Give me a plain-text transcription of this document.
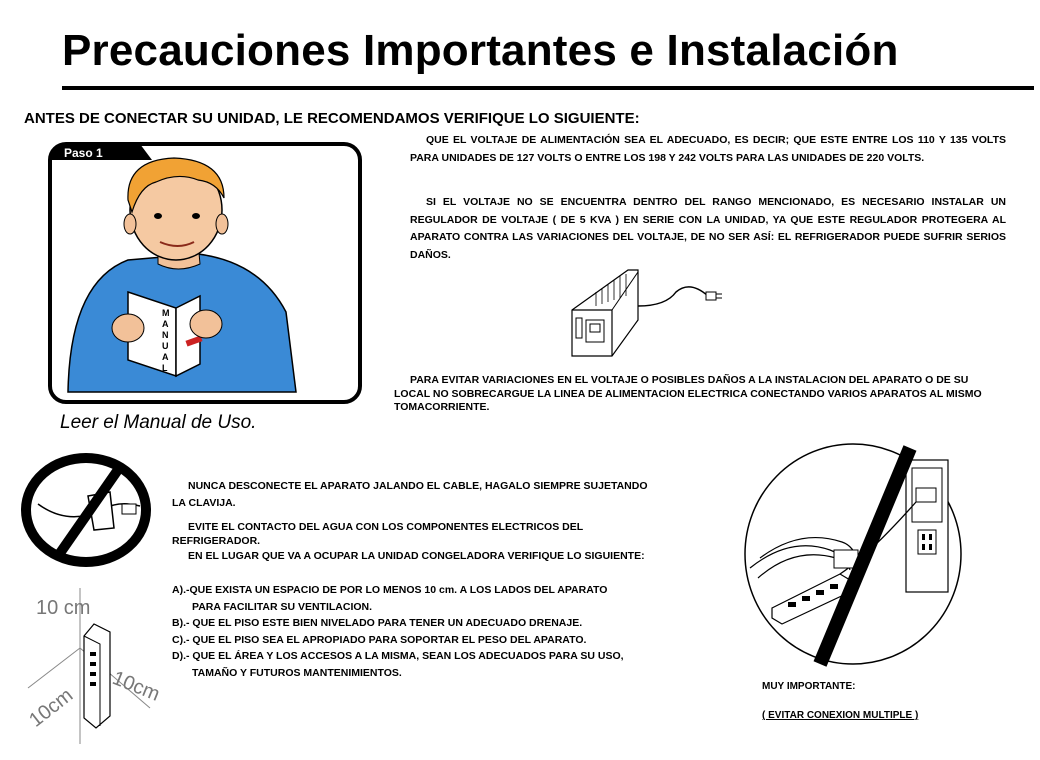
Precauciones Importantes e Instalación
ANTES DE CONECTAR SU UNIDAD, LE RECOMENDAMOS VERIFIQUE LO SIGUIENTE:
Paso 1
M
A
N
U
A
L
Leer el Manual de Uso.
QUE EL VOLTAJE DE ALIMENTACIÓN SEA EL ADECUADO, ES DECIR; QUE ESTE ENTRE LOS 110 Y 135 VOLTS PARA UNIDADES DE 127 VOLTS O ENTRE LOS 198 Y 242 VOLTS PARA LAS UNIDADES DE 220 VOLTS.
SI EL VOLTAJE NO SE ENCUENTRA DENTRO DEL RANGO MENCIONADO, ES NECESARIO INSTALAR UN REGULADOR DE VOLTAJE ( DE 5 KVA ) EN SERIE CON LA UNIDAD, YA QUE ESTE REGULADOR PROTEGERA AL APARATO CONTRA LAS VARIACIONES DEL VOLTAJE, DE NO SER ASÍ: EL REFRIGERADOR PUEDE SUFRIR SERIOS DAÑOS.
PARA EVITAR VARIACIONES EN EL VOLTAJE O POSIBLES DAÑOS A LA INSTALACION DEL APARATO O DE SU LOCAL NO SOBRECARGUE LA LINEA DE ALIMENTACION ELECTRICA CONECTANDO VARIOS APARATOS AL MISMO TOMACORRIENTE.
NUNCA DESCONECTE EL APARATO JALANDO EL CABLE, HAGALO SIEMPRE SUJETANDO LA CLAVIJA.
EVITE EL CONTACTO DEL AGUA CON LOS COMPONENTES ELECTRICOS DEL REFRIGERADOR.
EN EL LUGAR QUE VA A OCUPAR LA UNIDAD CONGELADORA VERIFIQUE LO SIGUIENTE:
A).-QUE EXISTA UN ESPACIO DE POR LO MENOS 10 cm. A LOS LADOS DEL APARATO PARA FACILITAR SU VENTILACION.
B).- QUE EL PISO ESTE BIEN NIVELADO PARA TENER UN ADECUADO DRENAJE.
C).- QUE EL PISO SEA EL APROPIADO PARA SOPORTAR EL PESO DEL APARATO.
D).- QUE EL ÁREA Y LOS ACCESOS A LA MISMA, SEAN LOS ADECUADOS PARA SU USO, TAMAÑO Y FUTUROS MANTENIMIENTOS.
10 cm
10cm 10cm	MUY IMPORTANTE:
( EVITAR CONEXION MULTIPLE )
